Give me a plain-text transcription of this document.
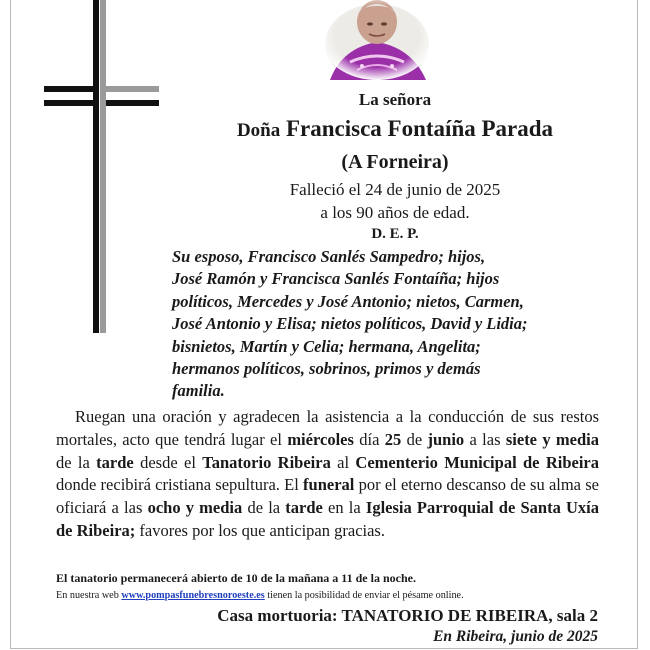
La señora
Doña Francisca Fontaíña Parada
(A Forneira)
Falleció el 24 de junio de 2025
a los 90 años de edad.
D. E. P.
Su esposo, Francisco Sanlés Sampedro; hijos,
José Ramón y Francisca Sanlés Fontaíña; hijos
políticos, Mercedes y José Antonio; nietos, Carmen,
José Antonio y Elisa; nietos políticos, David y Lidia;
bisnietos, Martín y Celia; hermana, Angelita;
hermanos políticos, sobrinos, primos y demás
familia.

Ruegan una oración y agradecen la asistencia a la conducción de sus restos mortales, acto que tendrá lugar el miércoles día 25 de junio a las siete y media de la tarde desde el Tanatorio Ribeira al Cementerio Municipal de Ribeira donde recibirá cristiana sepultura. El funeral por el eterno descanso de su alma se oficiará a las ocho y media de la tarde en la Iglesia Parroquial de Santa Uxía de Ribeira; favores por los que anticipan gracias.

El tanatorio permanecerá abierto de 10 de la mañana a 11 de la noche.
En nuestra web www.pompasfunebresnoroeste.es tienen la posibilidad de enviar el pésame online.
Casa mortuoria: TANATORIO DE RIBEIRA, sala 2
En Ribeira, junio de 2025
